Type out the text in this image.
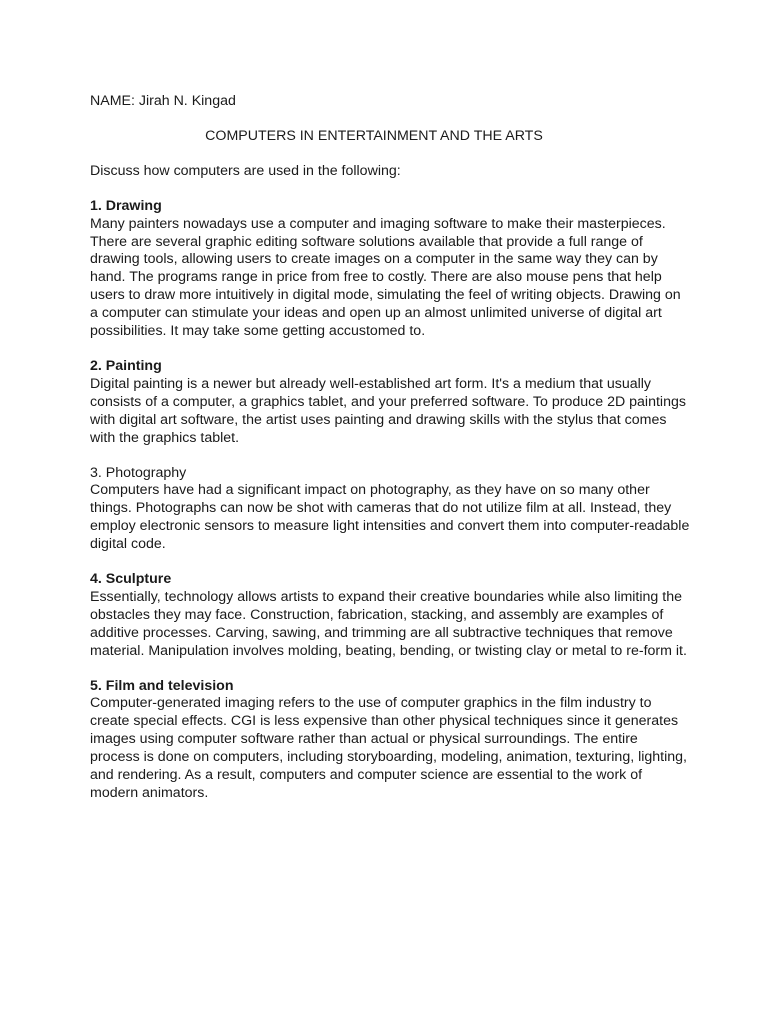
NAME: Jirah N. Kingad

COMPUTERS IN ENTERTAINMENT AND THE ARTS

Discuss how computers are used in the following:

1. Drawing
Many painters nowadays use a computer and imaging software to make their masterpieces. There are several graphic editing software solutions available that provide a full range of drawing tools, allowing users to create images on a computer in the same way they can by hand. The programs range in price from free to costly. There are also mouse pens that help users to draw more intuitively in digital mode, simulating the feel of writing objects. Drawing on a computer can stimulate your ideas and open up an almost unlimited universe of digital art possibilities. It may take some getting accustomed to.
2. Painting
Digital painting is a newer but already well-established art form. It's a medium that usually consists of a computer, a graphics tablet, and your preferred software. To produce 2D paintings with digital art software, the artist uses painting and drawing skills with the stylus that comes with the graphics tablet.
3. Photography
Computers have had a significant impact on photography, as they have on so many other things. Photographs can now be shot with cameras that do not utilize film at all. Instead, they employ electronic sensors to measure light intensities and convert them into computer-readable digital code.
4. Sculpture
Essentially, technology allows artists to expand their creative boundaries while also limiting the obstacles they may face. Construction, fabrication, stacking, and assembly are examples of additive processes. Carving, sawing, and trimming are all subtractive techniques that remove material. Manipulation involves molding, beating, bending, or twisting clay or metal to re-form it.
5. Film and television
Computer-generated imaging refers to the use of computer graphics in the film industry to create special effects. CGI is less expensive than other physical techniques since it generates images using computer software rather than actual or physical surroundings. The entire process is done on computers, including storyboarding, modeling, animation, texturing, lighting, and rendering. As a result, computers and computer science are essential to the work of modern animators.
